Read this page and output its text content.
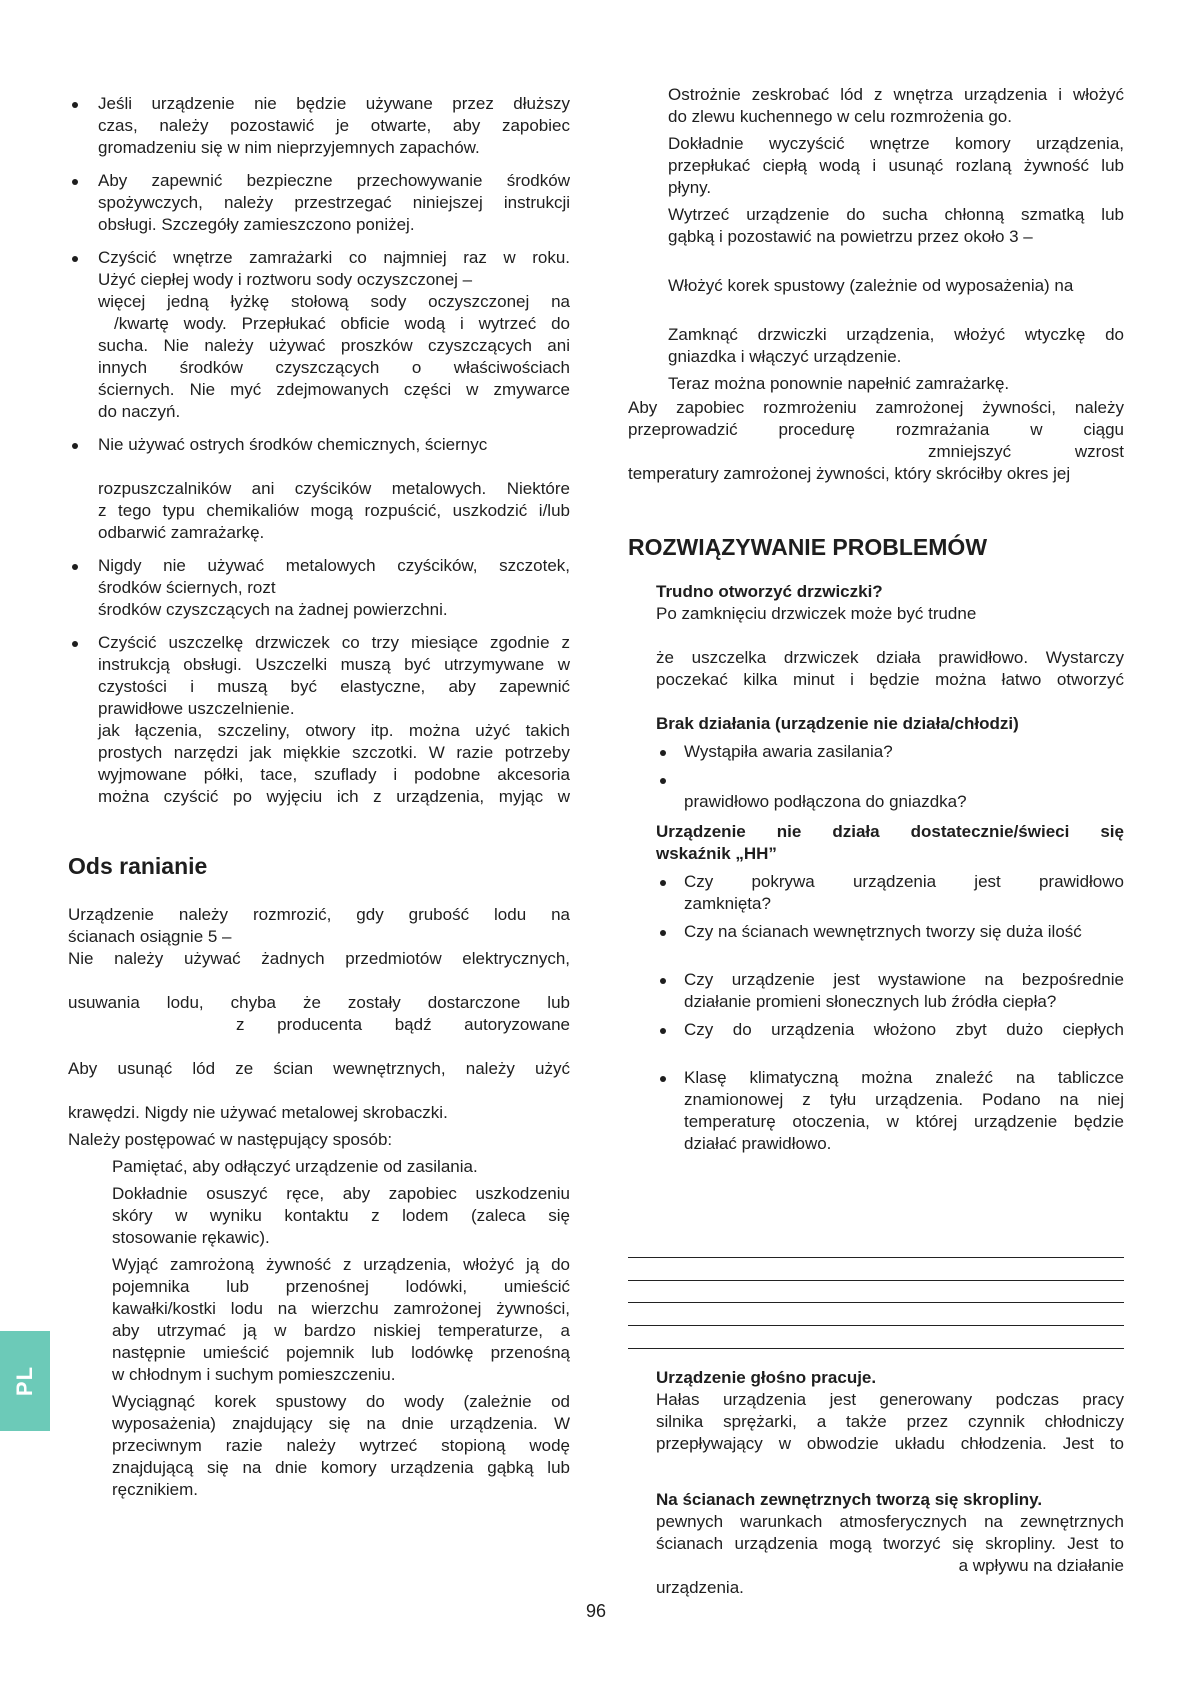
Jeśli urządzenie nie będzie używane przez dłuższy
czas, należy pozostawić je otwarte, aby zapobiec
gromadzeniu się w nim nieprzyjemnych zapachów.
Aby zapewnić bezpieczne przechowywanie środków
spożywczych, należy przestrzegać niniejszej instrukcji
obsługi. Szczegóły zamieszczono poniżej.
Czyścić wnętrze zamrażarki co najmniej raz w roku.
Użyć ciepłej wody i roztworu sody oczyszczonej –
więcej jedną łyżkę stołową sody oczyszczonej na
/kwartę wody. Przepłukać obficie wodą i wytrzeć do
sucha. Nie należy używać proszków czyszczących ani
innych środków czyszczących o właściwościach
ściernych. Nie myć zdejmowanych części w zmywarce
do naczyń.
Nie używać ostrych środków chemicznych, ściernyc
rozpuszczalników ani czyścików metalowych. Niektóre
z tego typu chemikaliów mogą rozpuścić, uszkodzić i/lub
odbarwić zamrażarkę.
Nigdy nie używać metalowych czyścików, szczotek,
środków ściernych, rozt
środków czyszczących na żadnej powierzchni.
Czyścić uszczelkę drzwiczek co trzy miesiące zgodnie z
instrukcją obsługi. Uszczelki muszą być utrzymywane w
czystości i muszą być elastyczne, aby zapewnić
prawidłowe uszczelnienie.
jak łączenia, szczeliny, otwory itp. można użyć takich
prostych narzędzi jak miękkie szczotki. W razie potrzeby
wyjmowane półki, tace, szuflady i podobne akcesoria
można czyścić po wyjęciu ich z urządzenia, myjąc w
Ods ranianie
Urządzenie należy rozmrozić, gdy grubość lodu na
ścianach osiągnie 5 –
Nie należy używać żadnych przedmiotów elektrycznych,
usuwania lodu, chyba że zostały dostarczone lub
z producenta bądź autoryzowane
Aby usunąć lód ze ścian wewnętrznych, należy użyć
krawędzi. Nigdy nie używać metalowej skrobaczki.

Należy postępować w następujący sposób:

Pamiętać, aby odłączyć urządzenie od zasilania.
Dokładnie osuszyć ręce, aby zapobiec uszkodzeniu
skóry w wyniku kontaktu z lodem (zaleca się
stosowanie rękawic).
Wyjąć zamrożoną żywność z urządzenia, włożyć ją do
pojemnika lub przenośnej lodówki, umieścić
kawałki/kostki lodu na wierzchu zamrożonej żywności,
aby utrzymać ją w bardzo niskiej temperaturze, a
następnie umieścić pojemnik lub lodówkę przenośną
w chłodnym i suchym pomieszczeniu.
Wyciągnąć korek spustowy do wody (zależnie od
wyposażenia) znajdujący się na dnie urządzenia. W
przeciwnym razie należy wytrzeć stopioną wodę
znajdującą się na dnie komory urządzenia gąbką lub
ręcznikiem.
Ostrożnie zeskrobać lód z wnętrza urządzenia i włożyć
do zlewu kuchennego w celu rozmrożenia go.
Dokładnie wyczyścić wnętrze komory urządzenia,
przepłukać ciepłą wodą i usunąć rozlaną żywność lub
płyny.
Wytrzeć urządzenie do sucha chłonną szmatką lub
gąbką i pozostawić na powietrzu przez około 3 –
Włożyć korek spustowy (zależnie od wyposażenia) na
Zamknąć drzwiczki urządzenia, włożyć wtyczkę do
gniazdka i włączyć urządzenie.
Teraz można ponownie napełnić zamrażarkę.
Aby zapobiec rozmrożeniu zamrożonej żywności, należy
przeprowadzić procedurę rozmrażania w ciągu
zmniejszyć wzrost
temperatury zamrożonej żywności, który skróciłby okres jej
ROZWIĄZYWANIE PROBLEMÓW
Trudno otworzyć drzwiczki?
Po zamknięciu drzwiczek może być trudne
że uszczelka drzwiczek działa prawidłowo. Wystarczy
poczekać kilka minut i będzie można łatwo otworzyć
Brak działania (urządzenie nie działa/chłodzi)
Wystąpiła awaria zasilania?
prawidłowo podłączona do gniazdka?
Urządzenie nie działa dostatecznie/świeci się
wskaźnik „HH”
Czy pokrywa urządzenia jest prawidłowo
zamknięta?
Czy na ścianach wewnętrznych tworzy się duża ilość
Czy urządzenie jest wystawione na bezpośrednie
działanie promieni słonecznych lub źródła ciepła?
Czy do urządzenia włożono zbyt dużo ciepłych
Klasę klimatyczną można znaleźć na tabliczce
znamionowej z tyłu urządzenia. Podano na niej
temperaturę otoczenia, w której urządzenie będzie
działać prawidłowo.
Urządzenie głośno pracuje.
Hałas urządzenia jest generowany podczas pracy
silnika sprężarki, a także przez czynnik chłodniczy
przepływający w obwodzie układu chłodzenia. Jest to
Na ścianach zewnętrznych tworzą się skropliny.
pewnych warunkach atmosferycznych na zewnętrznych
ścianach urządzenia mogą tworzyć się skropliny. Jest to
a wpływu na działanie
urządzenia.
PL
96
